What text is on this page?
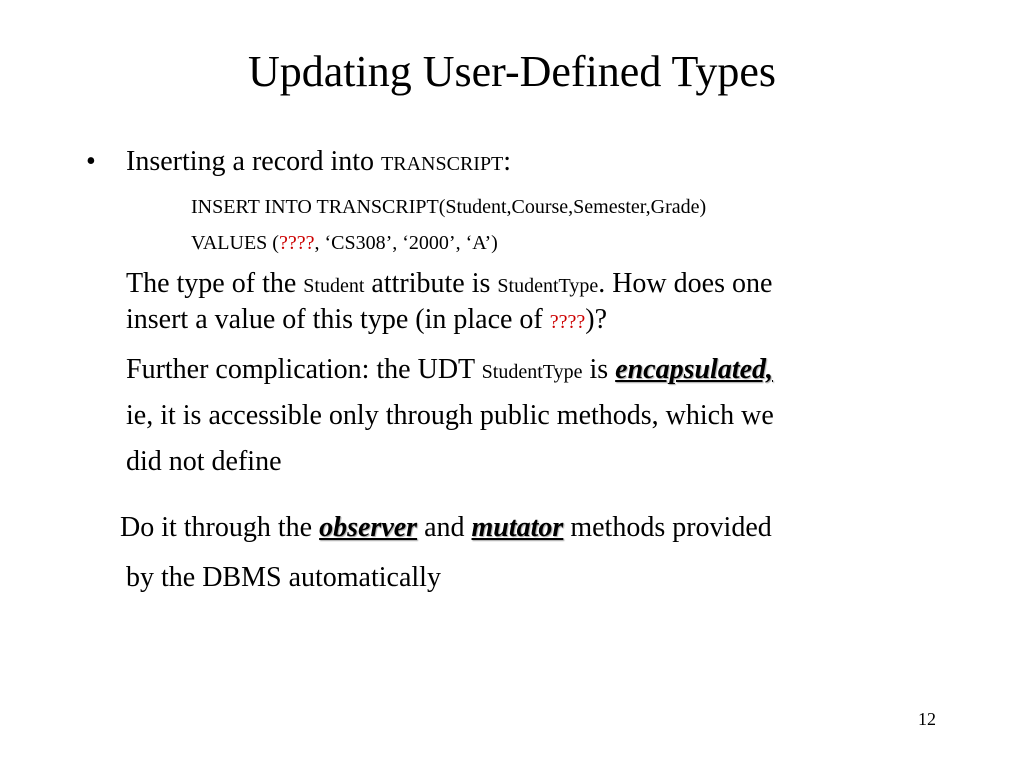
Updating User-Defined Types
• Inserting a record into TRANSCRIPT:
INSERT INTO TRANSCRIPT(Student,Course,Semester,Grade)
VALUES (????, ‘CS308’, ‘2000’, ‘A’)
The type of the Student attribute is StudentType. How does one
insert a value of this type (in place of ????)?
Further complication: the UDT StudentType is encapsulated,
ie, it is accessible only through public methods, which we
did not define
Do it through the observer and mutator methods provided
by the DBMS automatically
12
